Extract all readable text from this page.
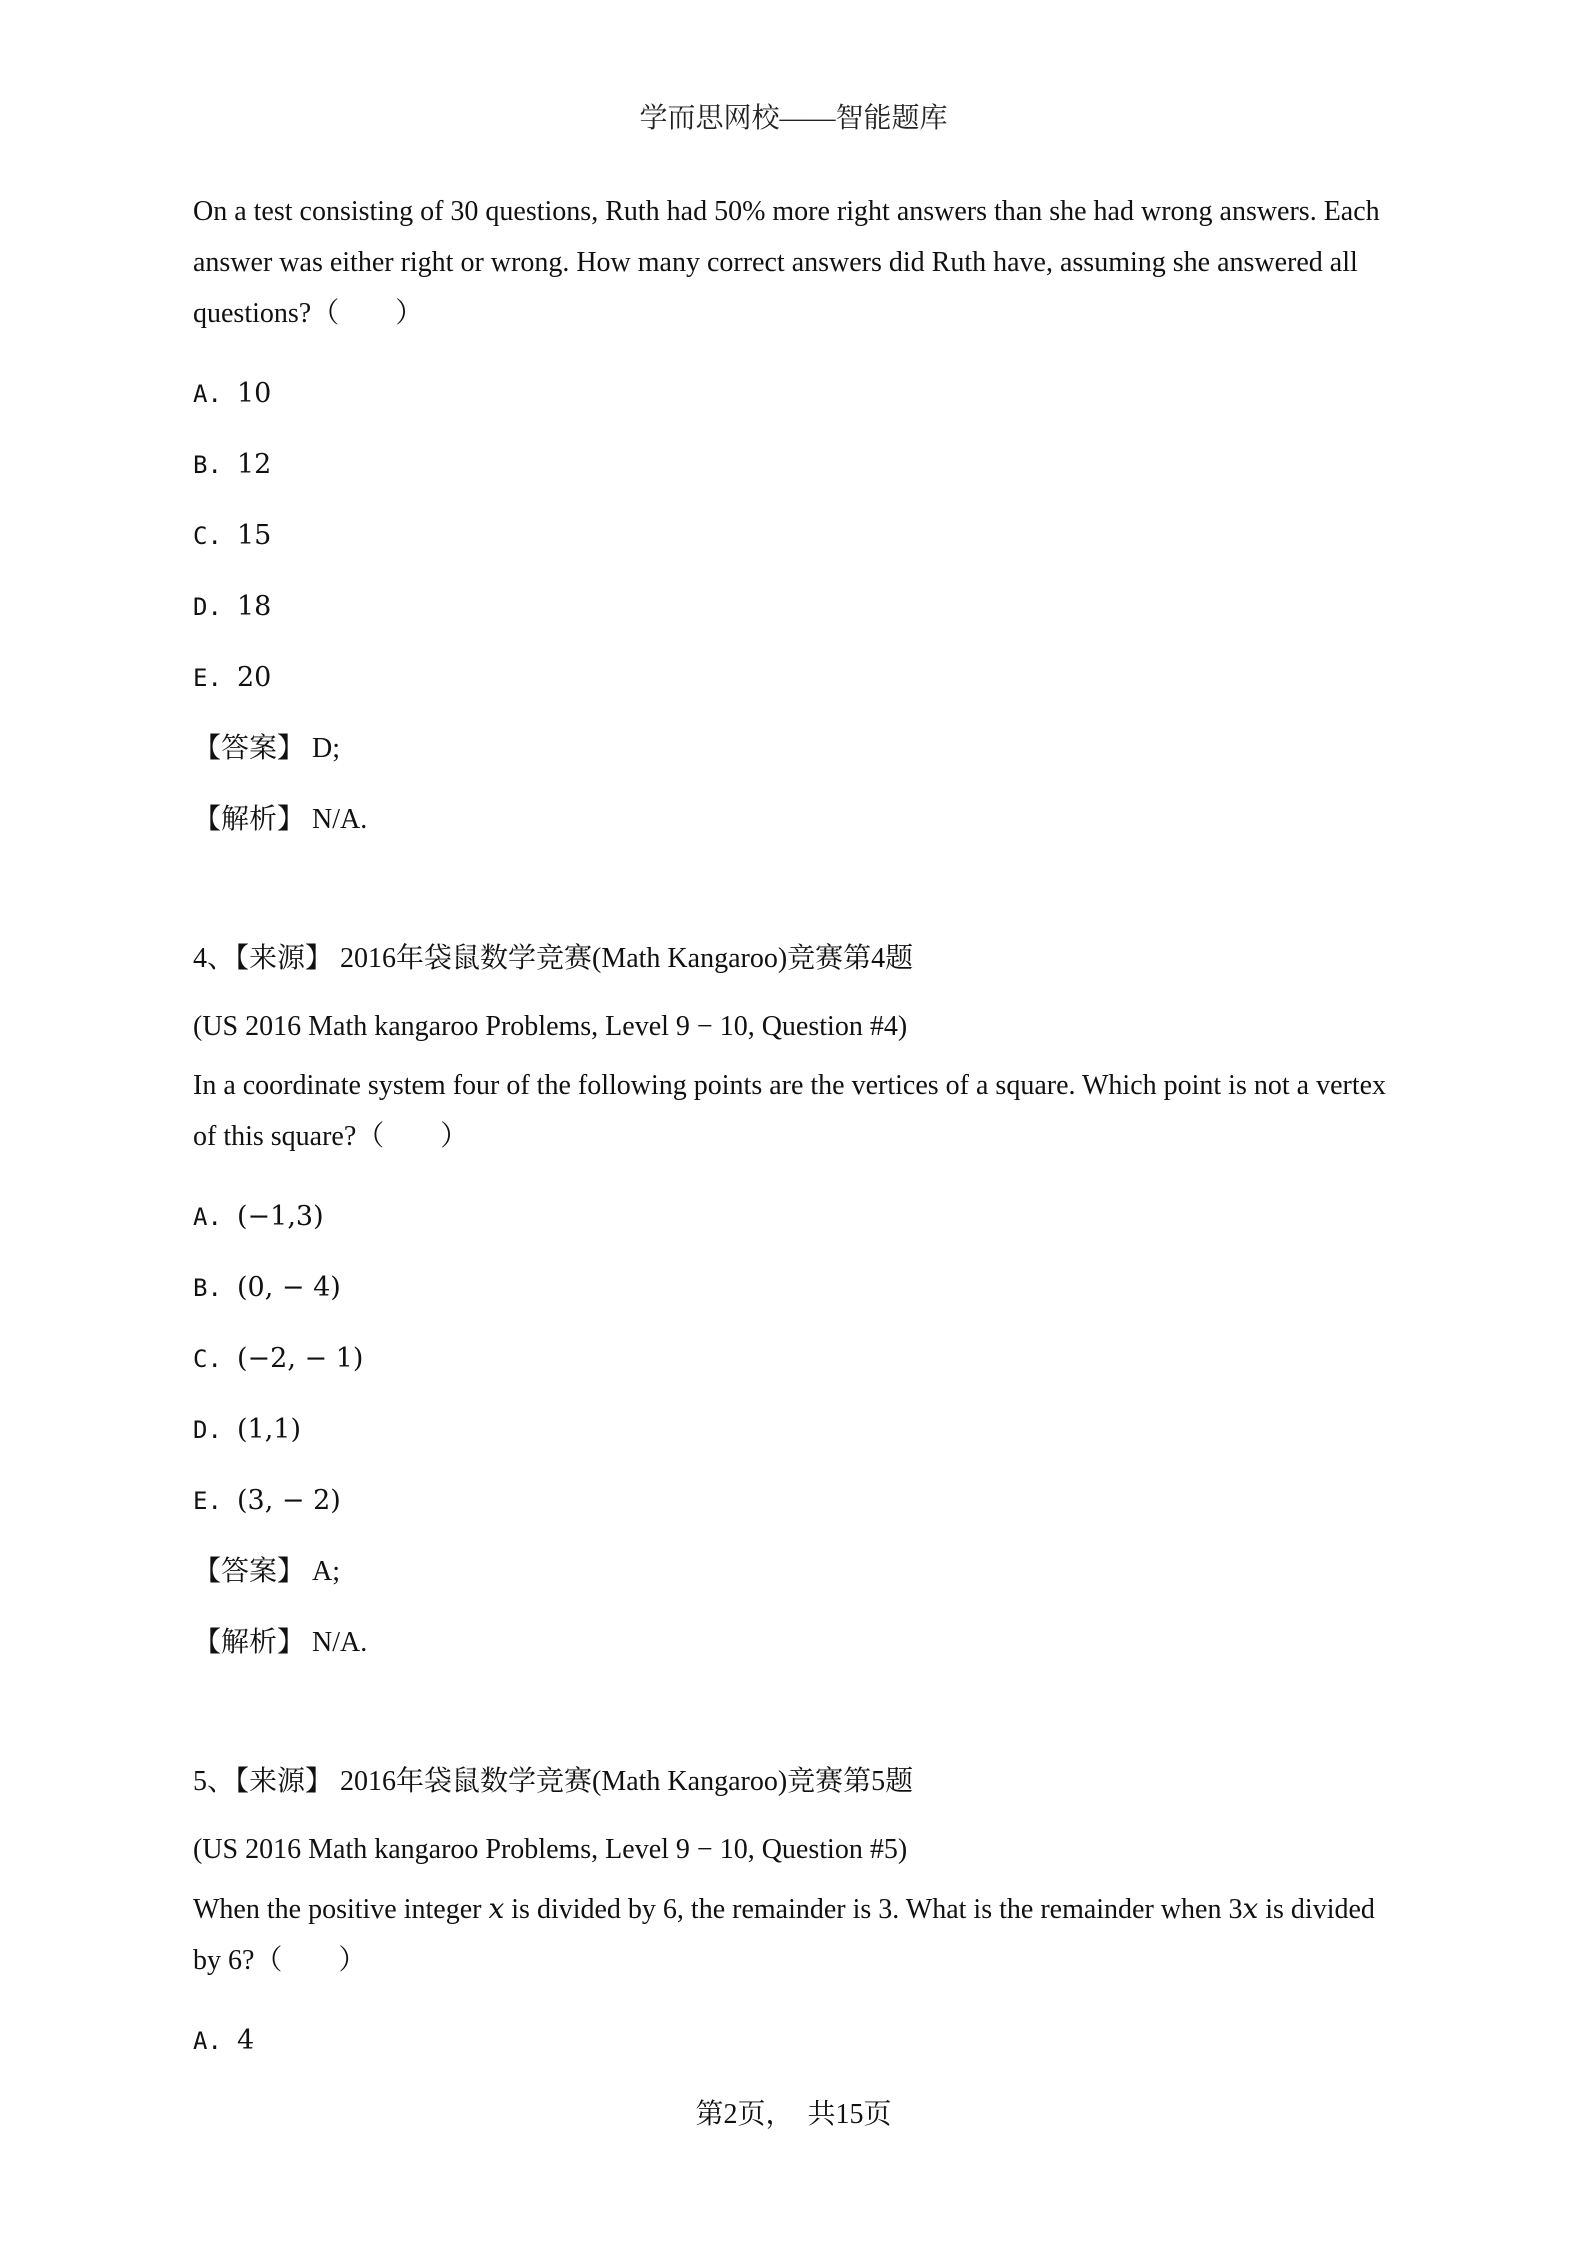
学而思网校——智能题库

On a test consisting of 30 questions, Ruth had 50% more right answers than she had wrong answers. Each answer was either right or wrong. How many correct answers did Ruth have, assuming she answered all questions?（　　）

A. 10

B. 12

C. 15

D. 18

E. 20

【答案】 D;

【解析】 N/A.

4、【来源】 2016年袋鼠数学竞赛(Math Kangaroo)竞赛第4题

(US 2016 Math kangaroo Problems, Level 9 − 10, Question #4)

In a coordinate system four of the following points are the vertices of a square. Which point is not a vertex of this square?（　　）

A. (−1,3)

B. (0, − 4)

C. (−2, − 1)

D. (1,1)

E. (3, − 2)

【答案】 A;

【解析】 N/A.

5、【来源】 2016年袋鼠数学竞赛(Math Kangaroo)竞赛第5题

(US 2016 Math kangaroo Problems, Level 9 − 10, Question #5)

When the positive integer x is divided by 6, the remainder is 3. What is the remainder when 3x is divided by 6?（　　）

A. 4

第2页，　共15页
